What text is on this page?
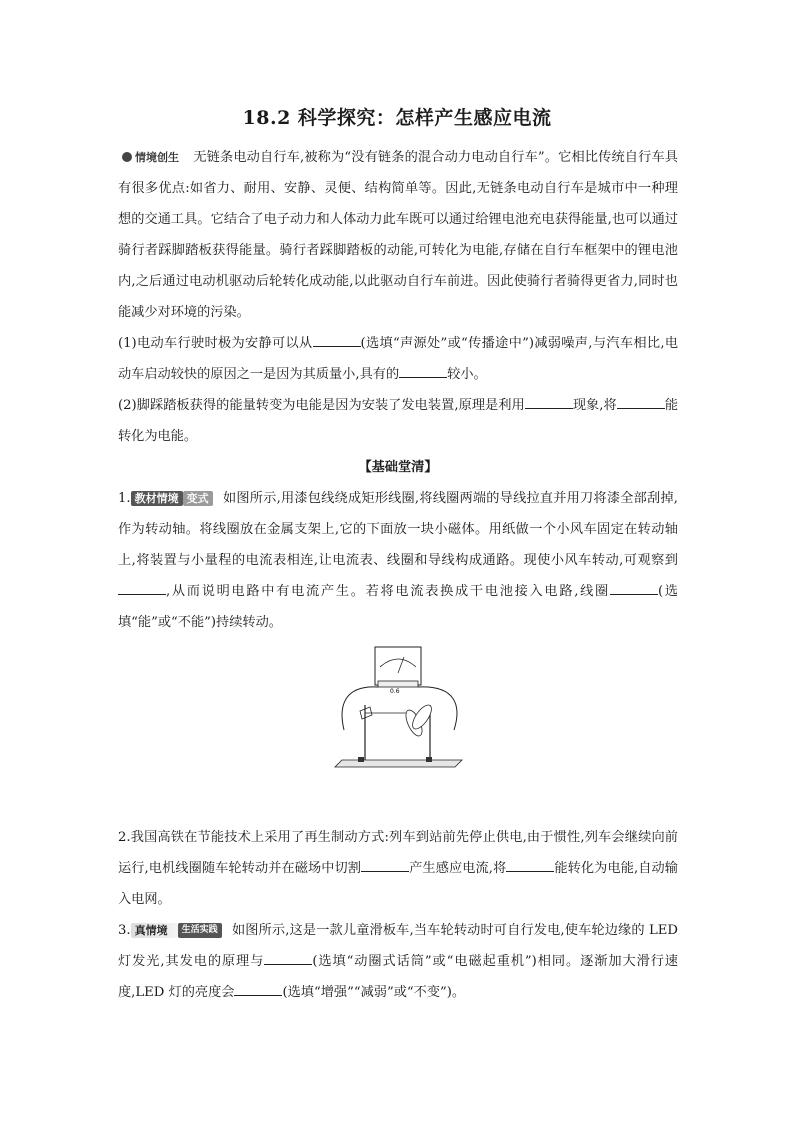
18.2 科学探究：怎样产生感应电流

情境创生 无链条电动自行车,被称为“没有链条的混合动力电动自行车”。它相比传统自行车具有很多优点:如省力、耐用、安静、灵便、结构简单等。因此,无链条电动自行车是城市中一种理想的交通工具。它结合了电子动力和人体动力此车既可以通过给锂电池充电获得能量,也可以通过骑行者踩脚踏板获得能量。骑行者踩脚踏板的动能,可转化为电能,存储在自行车框架中的锂电池内,之后通过电动机驱动后轮转化成动能,以此驱动自行车前进。因此使骑行者骑得更省力,同时也能减少对环境的污染。

(1)电动车行驶时极为安静可以从	(选填“声源处”或“传播途中”)减弱噪声,与汽车相比,电动车启动较快的原因之一是因为其质量小,具有的	较小。

(2)脚踩踏板获得的能量转变为电能是因为安装了发电装置,原理是利用	现象,将	能转化为电能。

【基础堂清】

1. 教材情境 变式 如图所示,用漆包线绕成矩形线圈,将线圈两端的导线拉直并用刀将漆全部刮掉,作为转动轴。将线圈放在金属支架上,它的下面放一块小磁体。用纸做一个小风车固定在转动轴上,将装置与小量程的电流表相连,让电流表、线圈和导线构成通路。现使小风车转动,可观察到,从而说明电路中有电流产生。若将电流表换成干电池接入电路,线圈	(选填“能”或“不能”)持续转动。

2.我国高铁在节能技术上采用了再生制动方式:列车到站前先停止供电,由于惯性,列车会继续向前运行,电机线圈随车轮转动并在磁场中切割	产生感应电流,将	能转化为电能,自动输入电网。

3. 真情境 生活实践 如图所示,这是一款儿童滑板车,当车轮转动时可自行发电,使车轮边缘的 LED 灯发光,其发电的原理与	(选填“动圈式话筒”或“电磁起重机”)相同。逐渐加大滑行速度,LED 灯的亮度会	(选填“增强”“减弱”或“不变”)。

0.6
